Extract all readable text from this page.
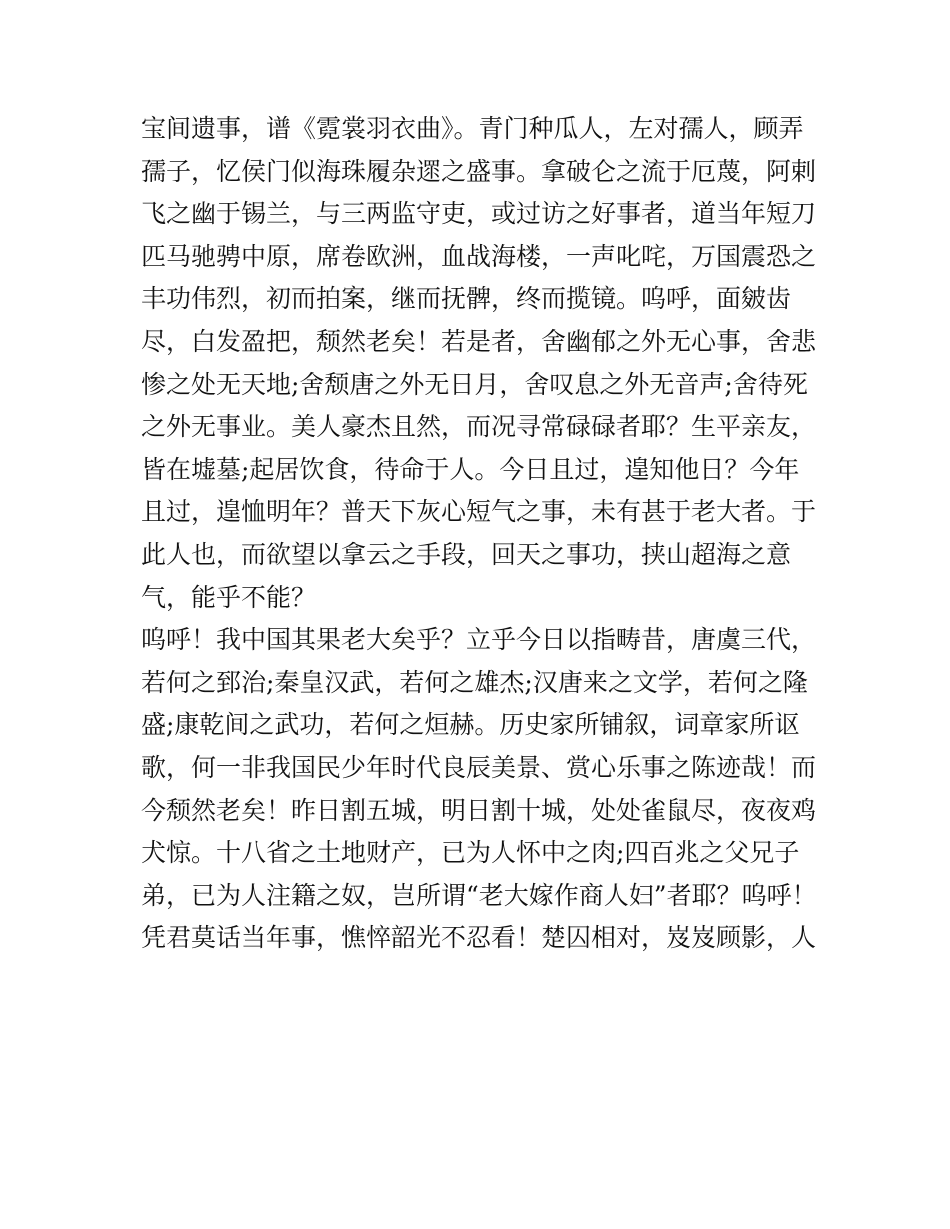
宝间遗事，谱《霓裳羽衣曲》。青门种瓜人，左对孺人，顾弄
孺子，忆侯门似海珠履杂遝之盛事。拿破仑之流于厄蔑，阿剌
飞之幽于锡兰，与三两监守吏，或过访之好事者，道当年短刀
匹马驰骋中原，席卷欧洲，血战海楼，一声叱咤，万国震恐之
丰功伟烈，初而拍案，继而抚髀，终而揽镜。呜呼，面皴齿
尽，白发盈把，颓然老矣！若是者，舍幽郁之外无心事，舍悲
惨之处无天地;舍颓唐之外无日月，舍叹息之外无音声;舍待死
之外无事业。美人豪杰且然，而况寻常碌碌者耶？生平亲友，
皆在墟墓;起居饮食，待命于人。今日且过，遑知他日？今年
且过，遑恤明年？普天下灰心短气之事，未有甚于老大者。于
此人也，而欲望以拿云之手段，回天之事功，挟山超海之意
气，能乎不能？
呜呼！我中国其果老大矣乎？立乎今日以指畴昔，唐虞三代，
若何之郅治;秦皇汉武，若何之雄杰;汉唐来之文学，若何之隆
盛;康乾间之武功，若何之烜赫。历史家所铺叙，词章家所讴
歌，何一非我国民少年时代良辰美景、赏心乐事之陈迹哉！而
今颓然老矣！昨日割五城，明日割十城，处处雀鼠尽，夜夜鸡
犬惊。十八省之土地财产，已为人怀中之肉;四百兆之父兄子
弟，已为人注籍之奴，岂所谓“老大嫁作商人妇”者耶？呜呼！
凭君莫话当年事，憔悴韶光不忍看！楚囚相对，岌岌顾影，人
